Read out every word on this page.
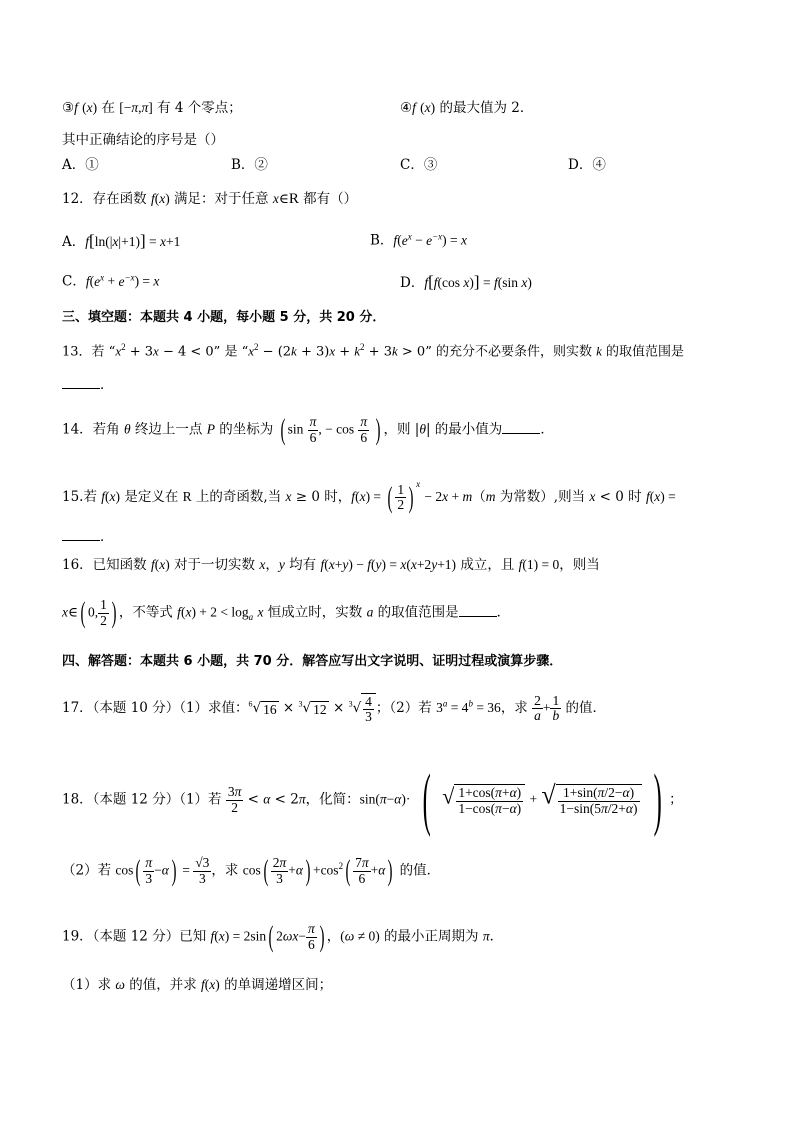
③f (x) 在 [−π,π] 有 4 个零点；	④f (x) 的最大值为 2．
其中正确结论的序号是（）
A．①	B．②	C．③	D．④
12．存在函数 f(x) 满足：对于任意 x∈R 都有（）
A．f[ln(|x|+1)] = x+1	B．$f(e^x - e^{-x}) = x$
C．$f(e^x + e^{-x}) = x$	D．f[f(cos x)] = f(sin x)
三、填空题：本题共 4 小题，每小题 5 分，共 20 分．
13．若 “$x^2 + 3x - 4 < 0$” 是 “$x^2 - (2k + 3)x + k^2 + 3k > 0$” 的充分不必要条件，则实数 k 的取值范围是
．
14．若角 θ 终边上一点 P 的坐标为 ( $\sin \frac{\pi}{6}$ , − $\cos \frac{\pi}{6}$ ) ，则 |θ| 的最小值为	．
15.若 f(x) 是定义在 R 上的奇函数,当 x ≥ 0 时，f(x) = ( $\frac{1}{2}$ ) $^x$ − 2x + m（m 为常数）,则当 x < 0 时 f(x) =
．
16．已知函数 f(x) 对于一切实数 x，y 均有 f(x+y) − f(y) = x(x+2y+1) 成立，且 f(1) = 0，则当
x∈( 0, $\frac{1}{2}$ ) ，不等式 $f(x) + 2 < \log_a x$ 恒成立时，实数 a 的取值范围是	．
四、解答题：本题共 6 小题，共 70 分．解答应写出文字说明、证明过程或演算步骤．
17．（本题 10 分）（1）求值：$^6$√ 16 × $^3$√ $12 \times ^3√ \frac{4}{3}$ ；（2）若 $3^a = 4^b = 36$，求 $\frac{2}{a} + \frac{1}{b}$ 的值．
18．（本题 12 分）（1）若 $\frac{3\pi}{2} < \alpha < 2\pi$，化简：sin(π−α)· ( √ $\frac{1+\cos(\pi+\alpha)}{1-\cos(\pi-\alpha)}$ + √ $\frac{1+\sin(\pi/2-\alpha)}{1-\sin(5\pi/2+\alpha)}$ ) ；
（2）若 $\cos( \frac{\pi}{3} -\alpha) = \frac{√3}{3}$ ，求 $\cos( \frac{2\pi}{3} +\alpha) +\cos^2( \frac{7\pi}{6} +\alpha)$ 的值．
19．（本题 12 分）已知 f(x) = 2sin( $2\omega x- \frac{\pi}{6}$ ) ，(ω ≠ 0) 的最小正周期为 π．
（1）求 ω 的值，并求 f(x) 的单调递增区间；
